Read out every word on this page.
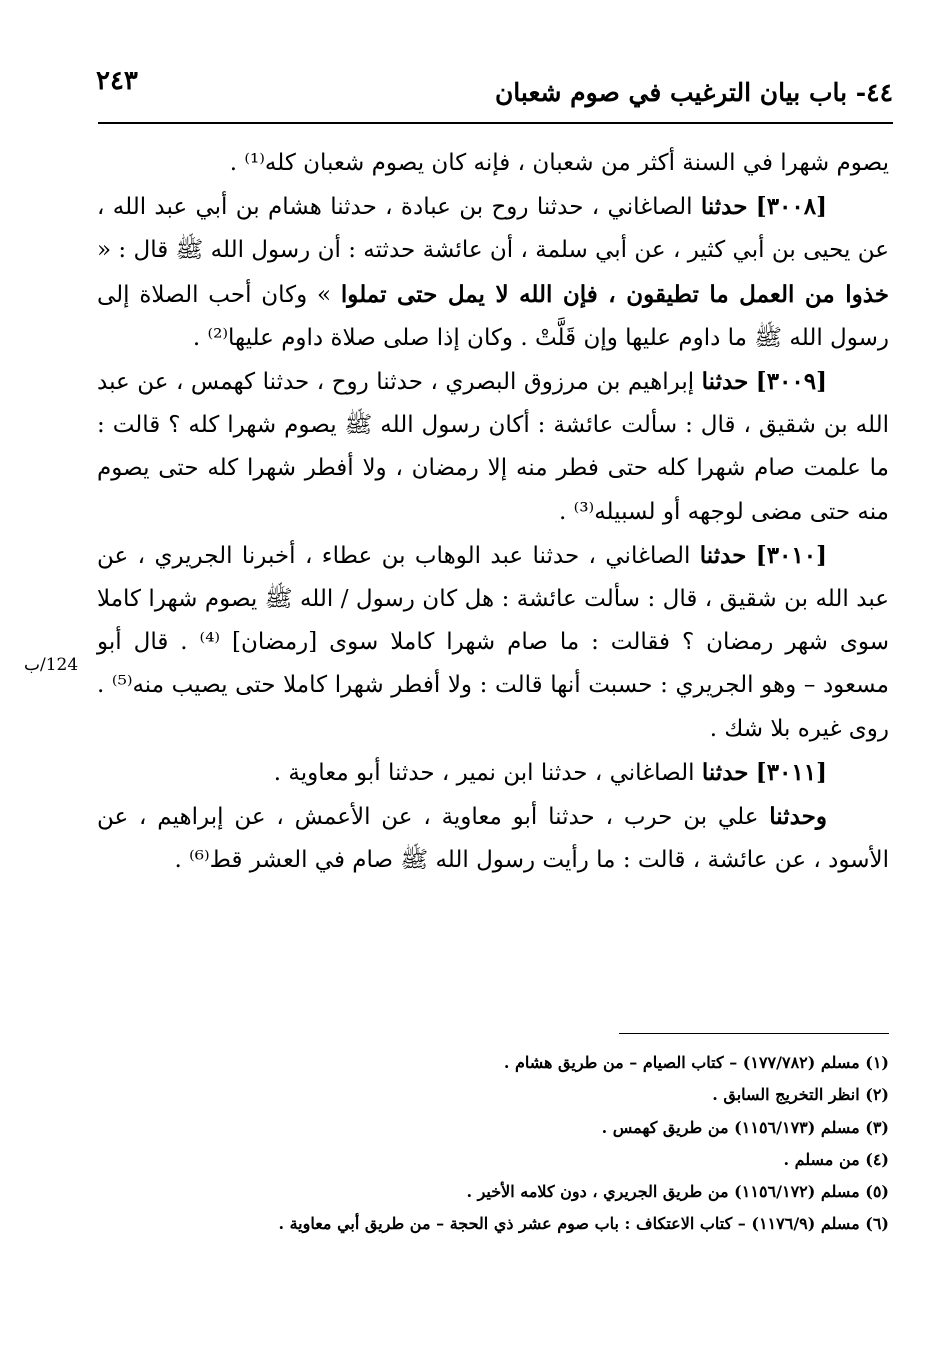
٢٤٣	٤٤- باب بيان الترغيب في صوم شعبان

يصوم شهرا في السنة أكثر من شعبان ، فإنه كان يصوم شعبان كله⁽¹⁾ .

[٣٠٠٨] حدثنا الصاغاني ، حدثنا روح بن عبادة ، حدثنا هشام بن أبي عبد الله ، عن يحيى بن أبي كثير ، عن أبي سلمة ، أن عائشة حدثته : أن رسول الله ﷺ قال : « خذوا من العمل ما تطيقون ، فإن الله لا يمل حتى تملوا » وكان أحب الصلاة إلى رسول الله ﷺ ما داوم عليها وإن قَلَّتْ . وكان إذا صلى صلاة داوم عليها⁽²⁾ .

[٣٠٠٩] حدثنا إبراهيم بن مرزوق البصري ، حدثنا روح ، حدثنا كهمس ، عن عبد الله بن شقيق ، قال : سألت عائشة : أكان رسول الله ﷺ يصوم شهرا كله ؟ قالت : ما علمت صام شهرا كله حتى فطر منه إلا رمضان ، ولا أفطر شهرا كله حتى يصوم منه حتى مضى لوجهه أو لسبيله⁽³⁾ .

[٣٠١٠] حدثنا الصاغاني ، حدثنا عبد الوهاب بن عطاء ، أخبرنا الجريري ، عن عبد الله بن شقيق ، قال : سألت عائشة : هل كان رسول / الله ﷺ يصوم شهرا كاملا سوى شهر رمضان ؟ فقالت : ما صام شهرا كاملا سوى [رمضان] ⁽⁴⁾ . قال أبو مسعود – وهو الجريري : حسبت أنها قالت : ولا أفطر شهرا كاملا حتى يصيب منه⁽⁵⁾ . روى غيره بلا شك .

[٣٠١١] حدثنا الصاغاني ، حدثنا ابن نمير ، حدثنا أبو معاوية .

وحدثنا علي بن حرب ، حدثنا أبو معاوية ، عن الأعمش ، عن إبراهيم ، عن الأسود ، عن عائشة ، قالت : ما رأيت رسول الله ﷺ صام في العشر قط⁽⁶⁾ .

124/ب
(١) مسلم (١٧٧/٧٨٢) – كتاب الصيام – من طريق هشام .
(٢) انظر التخريج السابق .
(٣) مسلم (١١٥٦/١٧٣) من طريق كهمس .
(٤) من مسلم .
(٥) مسلم (١١٥٦/١٧٢) من طريق الجريري ، دون كلامه الأخير .
(٦) مسلم (١١٧٦/٩) – كتاب الاعتكاف : باب صوم عشر ذي الحجة – من طريق أبي معاوية .
